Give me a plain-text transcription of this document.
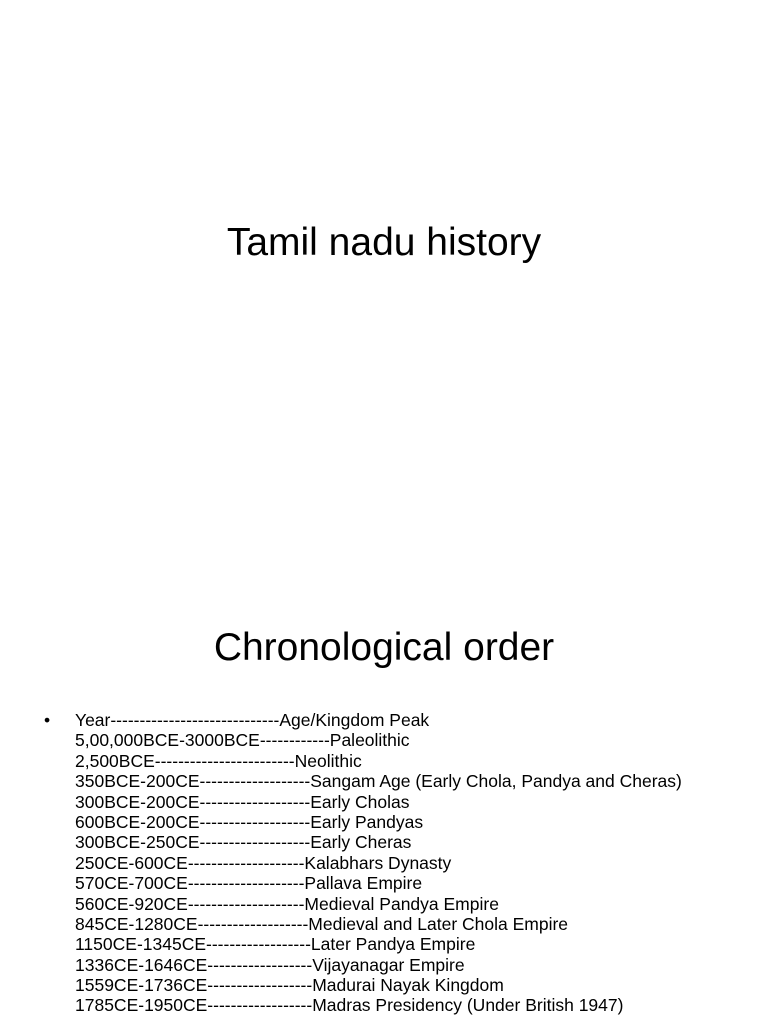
Tamil nadu history
Chronological order
•	Year-----------------------------Age/Kingdom Peak
5,00,000BCE-3000BCE------------Paleolithic
2,500BCE------------------------Neolithic
350BCE-200CE-------------------Sangam Age (Early Chola, Pandya and Cheras)
300BCE-200CE-------------------Early Cholas
600BCE-200CE-------------------Early Pandyas
300BCE-250CE-------------------Early Cheras
250CE-600CE--------------------Kalabhars Dynasty
570CE-700CE--------------------Pallava Empire
560CE-920CE--------------------Medieval Pandya Empire
845CE-1280CE-------------------Medieval and Later Chola Empire
1150CE-1345CE------------------Later Pandya Empire
1336CE-1646CE------------------Vijayanagar Empire
1559CE-1736CE------------------Madurai Nayak Kingdom
1785CE-1950CE------------------Madras Presidency (Under British 1947)
